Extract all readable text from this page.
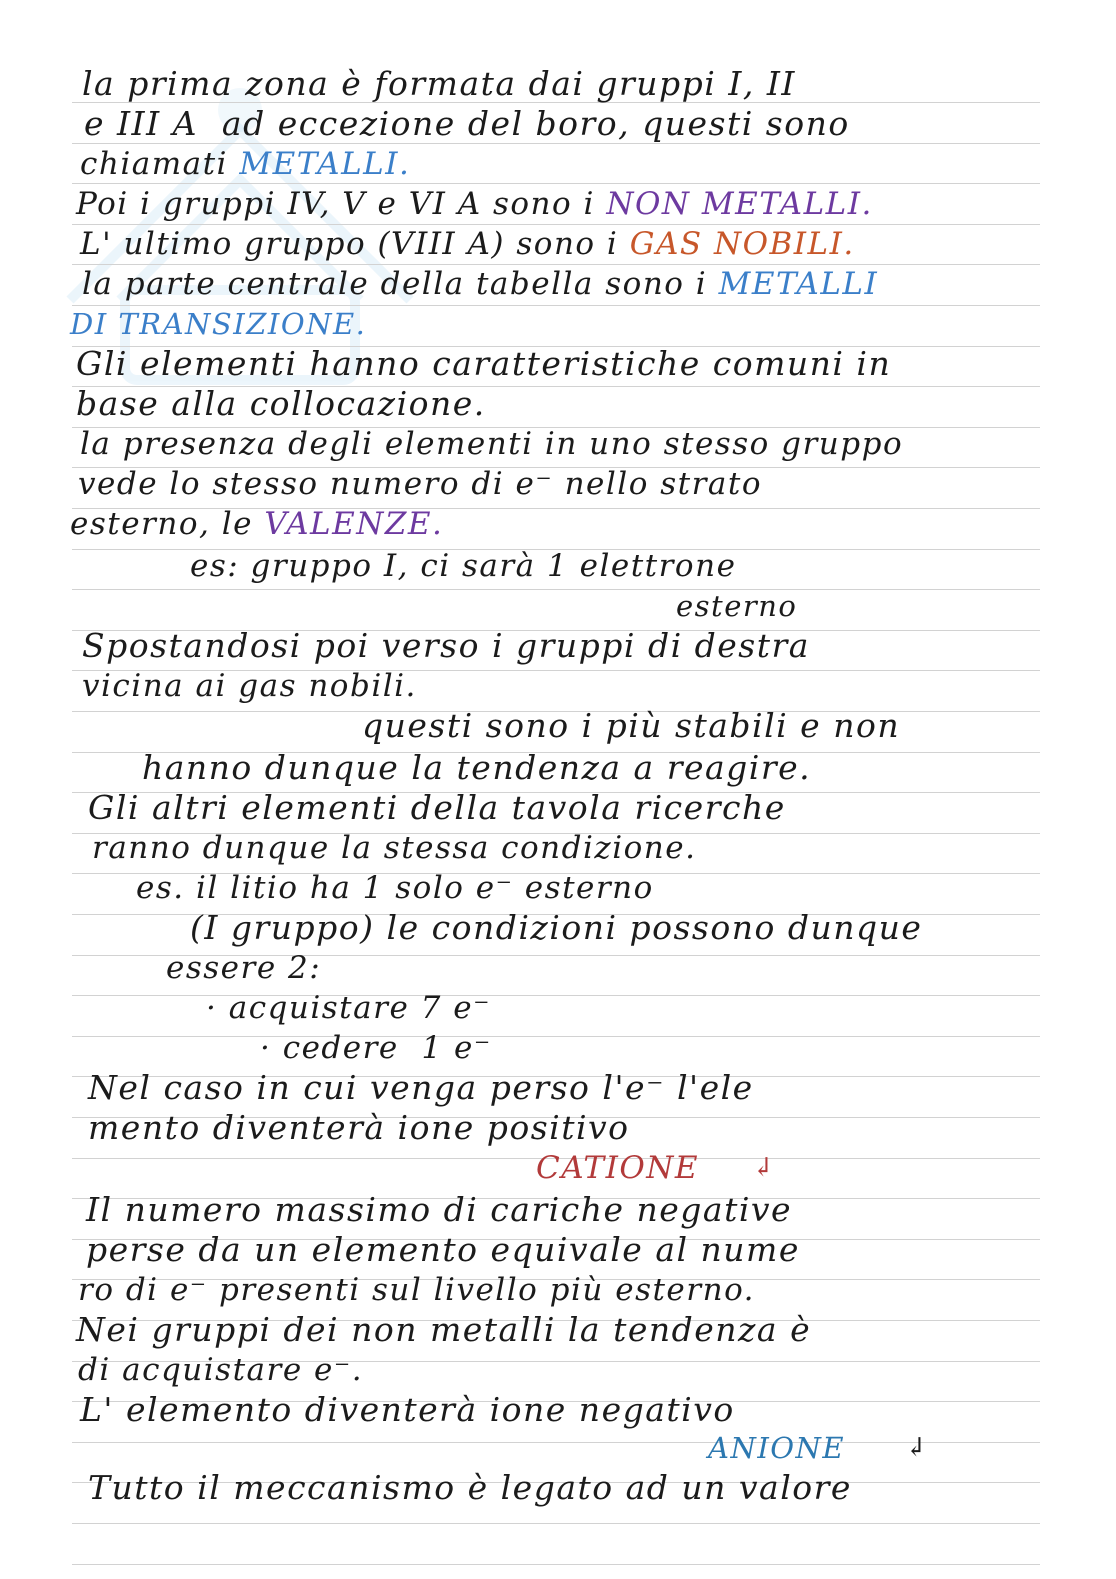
la prima zona è formata dai gruppi I, II
e III A  ad eccezione del boro, questi sono
chiamati METALLI.
Poi i gruppi IV, V e VI A sono i NON METALLI.
L' ultimo gruppo (VIII A) sono i GAS NOBILI.
la parte centrale della tabella sono i METALLI
DI TRANSIZIONE.
Gli elementi hanno caratteristiche comuni in
base alla collocazione.
la presenza degli elementi in uno stesso gruppo
vede lo stesso numero di e⁻ nello strato
esterno, le VALENZE.
es: gruppo I, ci sarà 1 elettrone
esterno
Spostandosi poi verso i gruppi di destra
vicina ai gas nobili.
questi sono i più stabili e non
hanno dunque la tendenza a reagire.
Gli altri elementi della tavola ricerche
ranno dunque la stessa condizione.
es. il litio ha 1 solo e⁻ esterno
(I gruppo) le condizioni possono dunque
essere 2:
· acquistare 7 e⁻
· cedere  1 e⁻
Nel caso in cui venga perso l'e⁻ l'ele
mento diventerà ione positivo
CATIONE
Il numero massimo di cariche negative
perse da un elemento equivale al nume
ro di e⁻ presenti sul livello più esterno.
Nei gruppi dei non metalli la tendenza è
di acquistare e⁻.
L' elemento diventerà ione negativo
ANIONE
Tutto il meccanismo è legato ad un valore
↲
↲
